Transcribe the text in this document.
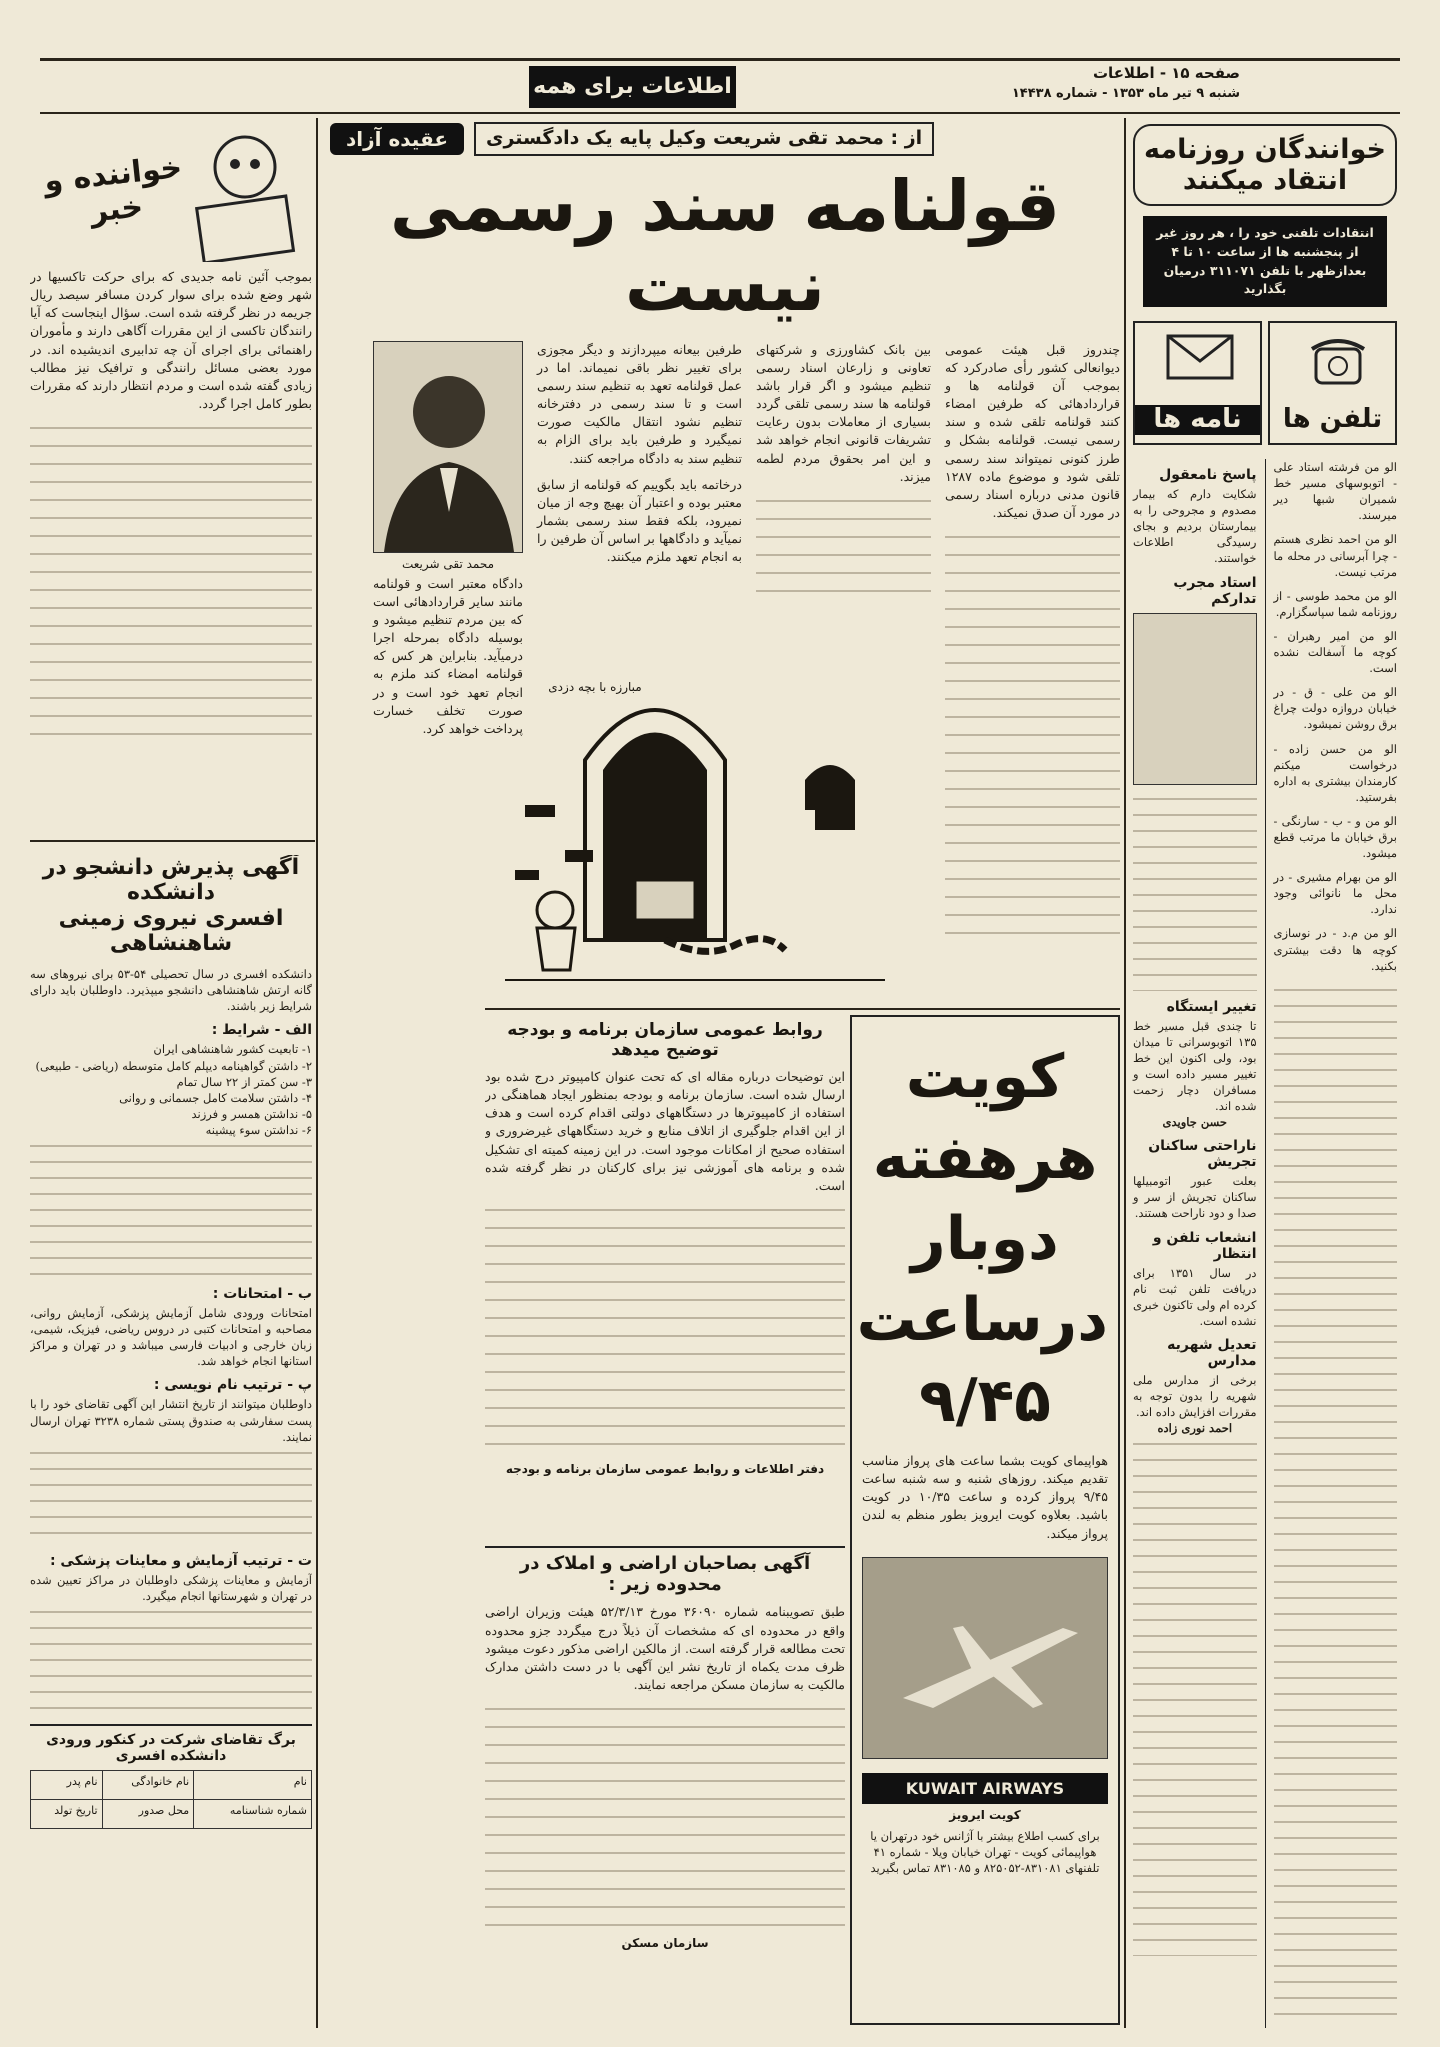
صفحه ۱۵ - اطلاعات
شنبه ۹ تیر ماه ۱۳۵۳ - شماره ۱۴۴۳۸
اطلاعات برای همه
خوانندگان روزنامه انتقاد میکنند
انتقادات تلفنی خود را ، هر روز غیر از پنجشنبه ها از ساعت ۱۰ تا ۴ بعدازظهر با تلفن ۳۱۱۰۷۱ درمیان بگذارید
تلفن ها
نامه ها
الو من فرشته استاد علی - اتوبوسهای مسیر خط شمیران شبها دیر میرسند.
الو من احمد نظری هستم - چرا آبرسانی در محله ما مرتب نیست.
الو من محمد طوسی - از روزنامه شما سپاسگزارم.
الو من امیر رهبران - کوچه ما آسفالت نشده است.
الو من علی - ق - در خیابان دروازه دولت چراغ برق روشن نمیشود.
الو من حسن زاده - درخواست میکنم کارمندان بیشتری به اداره بفرستید.
الو من و - ب - سارنگی - برق خیابان ما مرتب قطع میشود.
الو من بهرام مشیری - در محل ما نانوائی وجود ندارد.
الو من م.د - در نوسازی کوچه ها دقت بیشتری بکنید.
پاسخ نامعقول
شکایت دارم که بیمار مصدوم و مجروحی را به بیمارستان بردیم و بجای رسیدگی اطلاعات خواستند.
استاد مجرب تدارکم
تغییر ایستگاه
تا چندی قبل مسیر خط ۱۳۵ اتوبوسرانی تا میدان بود، ولی اکنون این خط تغییر مسیر داده است و مسافران دچار زحمت شده اند.
حسن جاویدی
ناراحتی ساکنان تجریش
بعلت عبور اتومبیلها ساکنان تجریش از سر و صدا و دود ناراحت هستند.
انشعاب تلفن و انتظار
در سال ۱۳۵۱ برای دریافت تلفن ثبت نام کرده ام ولی تاکنون خبری نشده است.
تعدیل شهریه مدارس
برخی از مدارس ملی شهریه را بدون توجه به مقررات افزایش داده اند.
احمد نوری زاده
از : محمد تقی شریعت وکیل پایه یک دادگستری
عقیده آزاد
قولنامه سند رسمی نیست
چندروز قبل هیئت عمومی دیوانعالی کشور رأی صادرکرد که بموجب آن قولنامه ها و قراردادهائی که طرفین امضاء کنند قولنامه تلقی شده و سند رسمی نیست. قولنامه بشکل و طرز کنونی نمیتواند سند رسمی تلقی شود و موضوع ماده ۱۲۸۷ قانون مدنی درباره اسناد رسمی در مورد آن صدق نمیکند.
بین بانک کشاورزی و شرکتهای تعاونی و زارعان اسناد رسمی تنظیم میشود و اگر قرار باشد قولنامه ها سند رسمی تلقی گردد بسیاری از معاملات بدون رعایت تشریفات قانونی انجام خواهد شد و این امر بحقوق مردم لطمه میزند.
طرفین بیعانه میپردازند و دیگر مجوزی برای تغییر نظر باقی نمیماند. اما در عمل قولنامه تعهد به تنظیم سند رسمی است و تا سند رسمی در دفترخانه تنظیم نشود انتقال مالکیت صورت نمیگیرد و طرفین باید برای الزام به تنظیم سند به دادگاه مراجعه کنند.
درخاتمه باید بگوییم که قولنامه از سابق معتبر بوده و اعتبار آن بهیچ وجه از میان نمیرود، بلکه فقط سند رسمی بشمار نمیآید و دادگاهها بر اساس آن طرفین را به انجام تعهد ملزم میکنند.
محمد تقی شریعت
دادگاه معتبر است و قولنامه مانند سایر قراردادهائی است که بین مردم تنظیم میشود و بوسیله دادگاه بمرحله اجرا درمیآید. بنابراین هر کس که قولنامه امضاء کند ملزم به انجام تعهد خود است و در صورت تخلف خسارت پرداخت خواهد کرد.
مبارزه با بچه دزدی
خواننده و خبر
بموجب آئین نامه جدیدی که برای حرکت تاکسیها در شهر وضع شده برای سوار کردن مسافر سیصد ریال جریمه در نظر گرفته شده است. سؤال اینجاست که آیا رانندگان تاکسی از این مقررات آگاهی دارند و مأموران راهنمائی برای اجرای آن چه تدابیری اندیشیده اند. در مورد بعضی مسائل رانندگی و ترافیک نیز مطالب زیادی گفته شده است و مردم انتظار دارند که مقررات بطور کامل اجرا گردد.
آگهی پذیرش دانشجو در دانشکده
افسری نیروی زمینی شاهنشاهی
دانشکده افسری در سال تحصیلی ۵۴-۵۳ برای نیروهای سه گانه ارتش شاهنشاهی دانشجو میپذیرد. داوطلبان باید دارای شرایط زیر باشند.
الف - شرایط :
۱- تابعیت کشور شاهنشاهی ایران
۲- داشتن گواهینامه دیپلم کامل متوسطه (ریاضی - طبیعی)
۳- سن کمتر از ۲۲ سال تمام
۴- داشتن سلامت کامل جسمانی و روانی
۵- نداشتن همسر و فرزند
۶- نداشتن سوء پیشینه
ب - امتحانات :
امتحانات ورودی شامل آزمایش پزشکی، آزمایش روانی، مصاحبه و امتحانات کتبی در دروس ریاضی، فیزیک، شیمی، زبان خارجی و ادبیات فارسی میباشد و در تهران و مراکز استانها انجام خواهد شد.
پ - ترتیب نام نویسی :
داوطلبان میتوانند از تاریخ انتشار این آگهی تقاضای خود را با پست سفارشی به صندوق پستی شماره ۳۲۳۸ تهران ارسال نمایند.
ت - ترتیب آزمایش و معاینات پزشکی :
آزمایش و معاینات پزشکی داوطلبان در مراکز تعیین شده در تهران و شهرستانها انجام میگیرد.
برگ تقاضای شرکت در کنکور ورودی دانشکده افسری
نام	نام خانوادگی	نام پدر
شماره شناسنامه	محل صدور	تاریخ تولد
روابط عمومی سازمان برنامه و بودجه توضیح میدهد
این توضیحات درباره مقاله ای که تحت عنوان کامپیوتر درج شده بود ارسال شده است. سازمان برنامه و بودجه بمنظور ایجاد هماهنگی در استفاده از کامپیوترها در دستگاههای دولتی اقدام کرده است و هدف از این اقدام جلوگیری از اتلاف منابع و خرید دستگاههای غیرضروری و استفاده صحیح از امکانات موجود است. در این زمینه کمیته ای تشکیل شده و برنامه های آموزشی نیز برای کارکنان در نظر گرفته شده است.
دفتر اطلاعات و روابط عمومی سازمان برنامه و بودجه
آگهی بصاحبان اراضی و املاک در محدوده زیر :
طبق تصویبنامه شماره ۳۶۰۹۰ مورخ ۵۲/۳/۱۳ هیئت وزیران اراضی واقع در محدوده ای که مشخصات آن ذیلاً درج میگردد جزو محدوده تحت مطالعه قرار گرفته است. از مالکین اراضی مذکور دعوت میشود ظرف مدت یکماه از تاریخ نشر این آگهی با در دست داشتن مدارک مالکیت به سازمان مسکن مراجعه نمایند.
سازمان مسکن
کویت هرهفته دوبار درساعت ۹/۴۵
هواپیمای کویت بشما ساعت های پرواز مناسب تقدیم میکند. روزهای شنبه و سه شنبه ساعت ۹/۴۵ پرواز کرده و ساعت ۱۰/۳۵ در کویت باشید. بعلاوه کویت ایرویز بطور منظم به لندن پرواز میکند.
KUWAIT AIRWAYS
کویت ایرویز
برای کسب اطلاع بیشتر با آژانس خود درتهران یا هواپیمائی کویت - تهران خیابان ویلا - شماره ۴۱ تلفنهای ۸۳۱۰۸۱-۸۲۵۰۵۲ و ۸۳۱۰۸۵ تماس بگیرید
